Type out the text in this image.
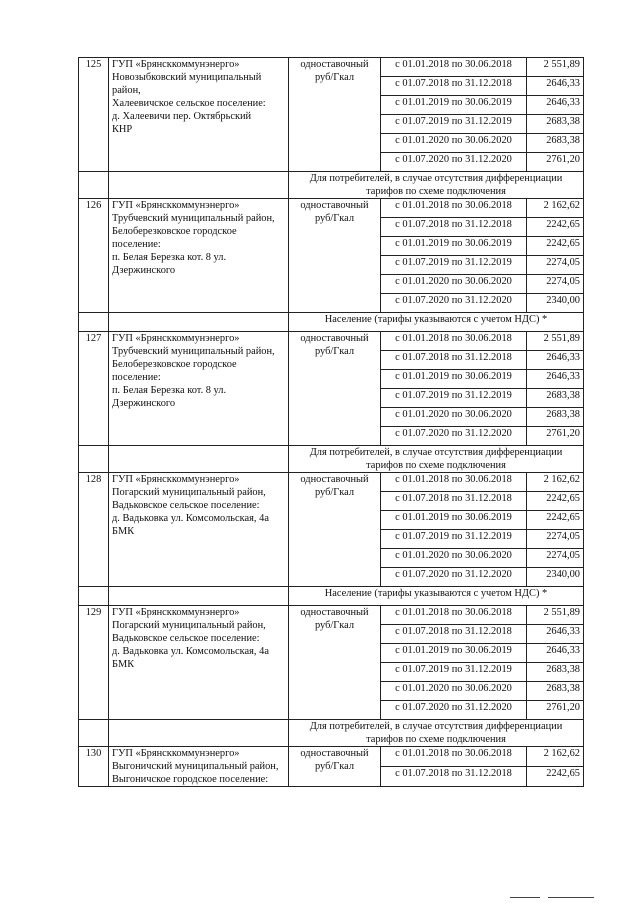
125	ГУП «Брянсккоммунэнерго»
Новозыбковский муниципальный район,
Халеевичское сельское поселение:
д. Халеевичи пер. Октябрьский
КНР	одноставочный руб/Гкал	с 01.01.2018 по 30.06.2018	2 551,89
			с 01.07.2018 по 31.12.2018	2646,33
			с 01.01.2019 по 30.06.2019	2646,33
			с 01.07.2019 по 31.12.2019	2683,38
			с 01.01.2020 по 30.06.2020	2683,38
			с 01.07.2020 по 31.12.2020	2761,20
		Для потребителей, в случае отсутствия дифференциации тарифов по схеме подключения		
126	ГУП «Брянсккоммунэнерго»
Трубчевский муниципальный район,
Белоберезковское городское поселение:
п. Белая Березка кот. 8 ул. Дзержинского	одноставочный руб/Гкал	с 01.01.2018 по 30.06.2018	2 162,62
			с 01.07.2018 по 31.12.2018	2242,65
			с 01.01.2019 по 30.06.2019	2242,65
			с 01.07.2019 по 31.12.2019	2274,05
			с 01.01.2020 по 30.06.2020	2274,05
			с 01.07.2020 по 31.12.2020	2340,00
		Население (тарифы указываются с учетом НДС) *		
127	ГУП «Брянсккоммунэнерго»
Трубчевский муниципальный район,
Белоберезковское городское поселение:
п. Белая Березка кот. 8 ул. Дзержинского	одноставочный руб/Гкал	с 01.01.2018 по 30.06.2018	2 551,89
			с 01.07.2018 по 31.12.2018	2646,33
			с 01.01.2019 по 30.06.2019	2646,33
			с 01.07.2019 по 31.12.2019	2683,38
			с 01.01.2020 по 30.06.2020	2683,38
			с 01.07.2020 по 31.12.2020	2761,20
		Для потребителей, в случае отсутствия дифференциации тарифов по схеме подключения		
128	ГУП «Брянсккоммунэнерго»
Погарский муниципальный район,
Вадьковское сельское поселение:
д. Вадьковка ул. Комсомольская, 4а
БМК	одноставочный руб/Гкал	с 01.01.2018 по 30.06.2018	2 162,62
			с 01.07.2018 по 31.12.2018	2242,65
			с 01.01.2019 по 30.06.2019	2242,65
			с 01.07.2019 по 31.12.2019	2274,05
			с 01.01.2020 по 30.06.2020	2274,05
			с 01.07.2020 по 31.12.2020	2340,00
		Население (тарифы указываются с учетом НДС) *		
129	ГУП «Брянсккоммунэнерго»
Погарский муниципальный район,
Вадьковское сельское поселение:
д. Вадьковка ул. Комсомольская, 4а
БМК	одноставочный руб/Гкал	с 01.01.2018 по 30.06.2018	2 551,89
			с 01.07.2018 по 31.12.2018	2646,33
			с 01.01.2019 по 30.06.2019	2646,33
			с 01.07.2019 по 31.12.2019	2683,38
			с 01.01.2020 по 30.06.2020	2683,38
			с 01.07.2020 по 31.12.2020	2761,20
		Для потребителей, в случае отсутствия дифференциации тарифов по схеме подключения		
130	ГУП «Брянсккоммунэнерго»
Выгоничский муниципальный район,
Выгоничское городское поселение:	одноставочный руб/Гкал	с 01.01.2018 по 30.06.2018	2 162,62
			с 01.07.2018 по 31.12.2018	2242,65
